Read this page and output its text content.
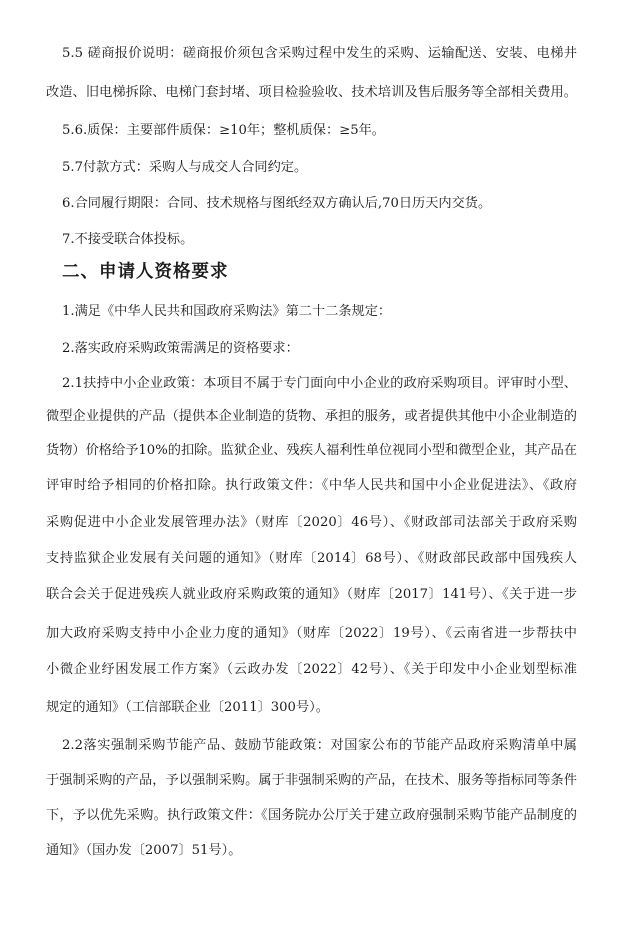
5.5 磋商报价说明：磋商报价须包含采购过程中发生的采购、运输配送、安装、电梯井
改造、旧电梯拆除、电梯门套封堵、项目检验验收、技术培训及售后服务等全部相关费用。
5.6.质保：主要部件质保：≥10年；整机质保：≥5年。
5.7付款方式：采购人与成交人合同约定。
6.合同履行期限：合同、技术规格与图纸经双方确认后,70日历天内交货。
7.不接受联合体投标。
二、申请人资格要求
1.满足《中华人民共和国政府采购法》第二十二条规定：
2.落实政府采购政策需满足的资格要求：
2.1扶持中小企业政策：本项目不属于专门面向中小企业的政府采购项目。评审时小型、
微型企业提供的产品（提供本企业制造的货物、承担的服务，或者提供其他中小企业制造的
货物）价格给予10%的扣除。监狱企业、残疾人福利性单位视同小型和微型企业，其产品在
评审时给予相同的价格扣除。执行政策文件：《中华人民共和国中小企业促进法》、《政府
采购促进中小企业发展管理办法》（财库〔2020〕46号）、《财政部司法部关于政府采购
支持监狱企业发展有关问题的通知》（财库〔2014〕68号）、《财政部民政部中国残疾人
联合会关于促进残疾人就业政府采购政策的通知》（财库〔2017〕141号）、《关于进一步
加大政府采购支持中小企业力度的通知》（财库〔2022〕19号）、《云南省进一步帮扶中
小微企业纾困发展工作方案》（云政办发〔2022〕42号）、《关于印发中小企业划型标准
规定的通知》（工信部联企业〔2011〕300号）。
2.2落实强制采购节能产品、鼓励节能政策：对国家公布的节能产品政府采购清单中属
于强制采购的产品，予以强制采购。属于非强制采购的产品，在技术、服务等指标同等条件
下，予以优先采购。执行政策文件：《国务院办公厅关于建立政府强制采购节能产品制度的
通知》（国办发〔2007〕51号）。
